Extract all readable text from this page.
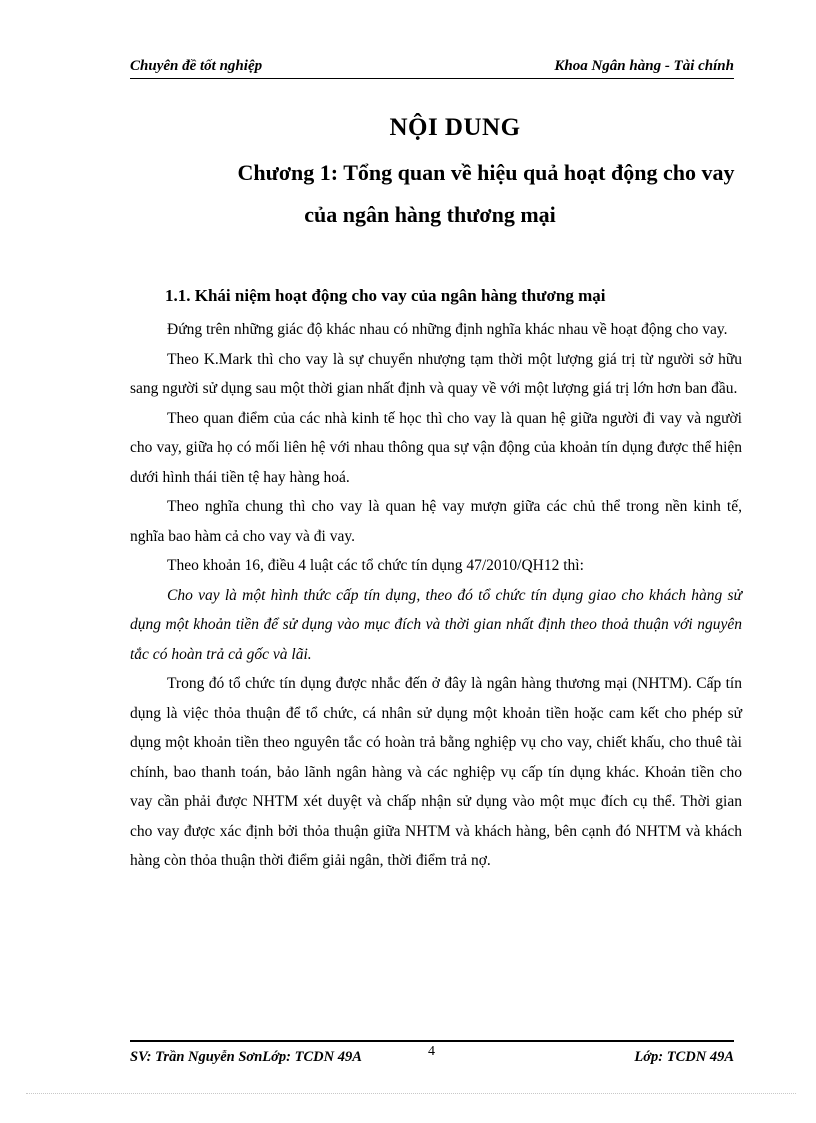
Chuyên đề tốt nghiệp	Khoa Ngân hàng - Tài chính
NỘI DUNG
Chương 1: Tổng quan về hiệu quả hoạt động cho vay
của ngân hàng thương mại
1.1. Khái niệm hoạt động cho vay của ngân hàng thương mại

Đứng trên những giác độ khác nhau có những định nghĩa khác nhau về hoạt động cho vay.

Theo K.Mark thì cho vay là sự chuyển nhượng tạm thời một lượng giá trị từ người sở hữu sang người sử dụng sau một thời gian nhất định và quay về với một lượng giá trị lớn hơn ban đầu.

Theo quan điểm của các nhà kinh tế học thì cho vay là quan hệ giữa người đi vay và người cho vay, giữa họ có mối liên hệ với nhau thông qua sự vận động của khoản tín dụng được thể hiện dưới hình thái tiền tệ hay hàng hoá.

Theo nghĩa chung thì cho vay là quan hệ vay mượn giữa các chủ thể trong nền kinh tế, nghĩa bao hàm cả cho vay và đi vay.

Theo khoản 16, điều 4 luật các tổ chức tín dụng 47/2010/QH12 thì:

Cho vay là một hình thức cấp tín dụng, theo đó tổ chức tín dụng giao cho khách hàng sử dụng một khoản tiền để sử dụng vào mục đích và thời gian nhất định theo thoả thuận với nguyên tắc có hoàn trả cả gốc và lãi.

Trong đó tổ chức tín dụng được nhắc đến ở đây là ngân hàng thương mại (NHTM). Cấp tín dụng là việc thỏa thuận để tổ chức, cá nhân sử dụng một khoản tiền hoặc cam kết cho phép sử dụng một khoản tiền theo nguyên tắc có hoàn trả bằng nghiệp vụ cho vay, chiết khấu, cho thuê tài chính, bao thanh toán, bảo lãnh ngân hàng và các nghiệp vụ cấp tín dụng khác. Khoản tiền cho vay cần phải được NHTM xét duyệt và chấp nhận sử dụng vào một mục đích cụ thể. Thời gian cho vay được xác định bởi thỏa thuận giữa NHTM và khách hàng, bên cạnh đó NHTM và khách hàng còn thỏa thuận thời điểm giải ngân, thời điểm trả nợ.

SV: Trần Nguyễn SơnLớp: TCDN 49A	4	Lớp: TCDN 49A
